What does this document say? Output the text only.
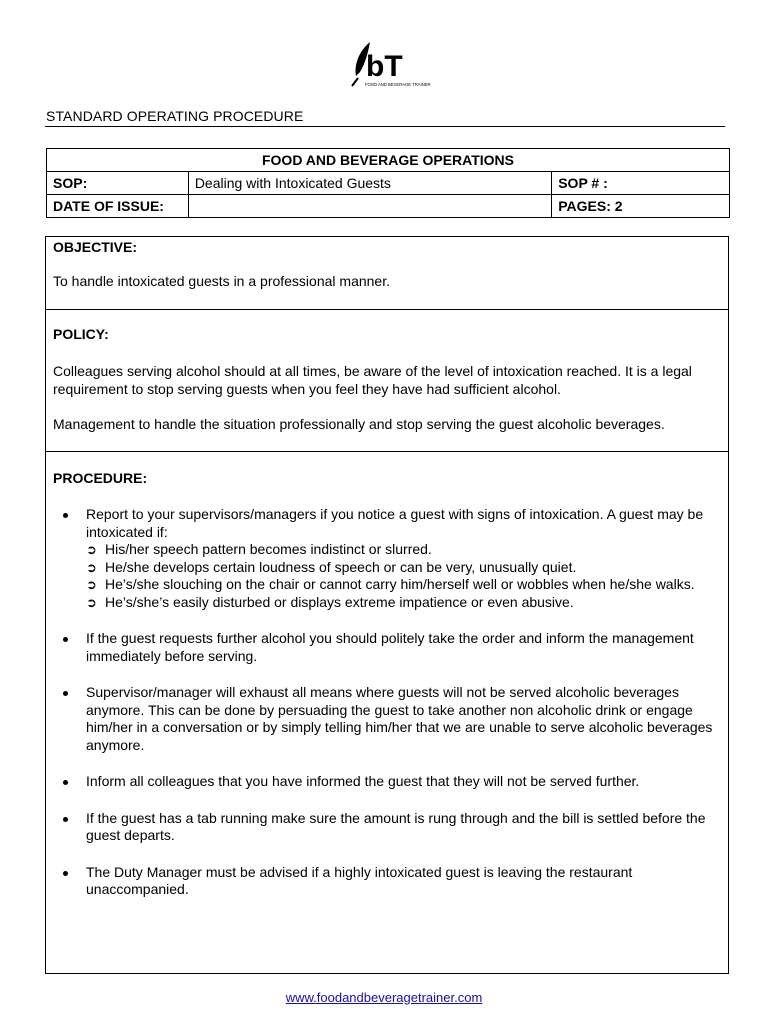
bT
FOOD AND BEVERAGE TRAINER
STANDARD OPERATING PROCEDURE
FOOD AND BEVERAGE OPERATIONS		
SOP:	Dealing with Intoxicated Guests	SOP # :
DATE OF ISSUE:		PAGES: 2

OBJECTIVE:

To handle intoxicated guests in a professional manner.

POLICY:

Colleagues serving alcohol should at all times, be aware of the level of intoxication reached. It is a legal requirement to stop serving guests when you feel they have had sufficient alcohol.

Management to handle the situation professionally and stop serving the guest alcoholic beverages.

PROCEDURE:

Report to your supervisors/managers if you notice a guest with signs of intoxication. A guest may be intoxicated if:
➲ His/her speech pattern becomes indistinct or slurred.
➲ He/she develops certain loudness of speech or can be very, unusually quiet.
➲ He’s/she slouching on the chair or cannot carry him/herself well or wobbles when he/she walks.
➲ He’s/she’s easily disturbed or displays extreme impatience or even abusive.
If the guest requests further alcohol you should politely take the order and inform the management immediately before serving.
Supervisor/manager will exhaust all means where guests will not be served alcoholic beverages anymore. This can be done by persuading the guest to take another non alcoholic drink or engage him/her in a conversation or by simply telling him/her that we are unable to serve alcoholic beverages anymore.
Inform all colleagues that you have informed the guest that they will not be served further.
If the guest has a tab running make sure the amount is rung through and the bill is settled before the guest departs.
The Duty Manager must be advised if a highly intoxicated guest is leaving the restaurant unaccompanied.
www.foodandbeveragetrainer.com
